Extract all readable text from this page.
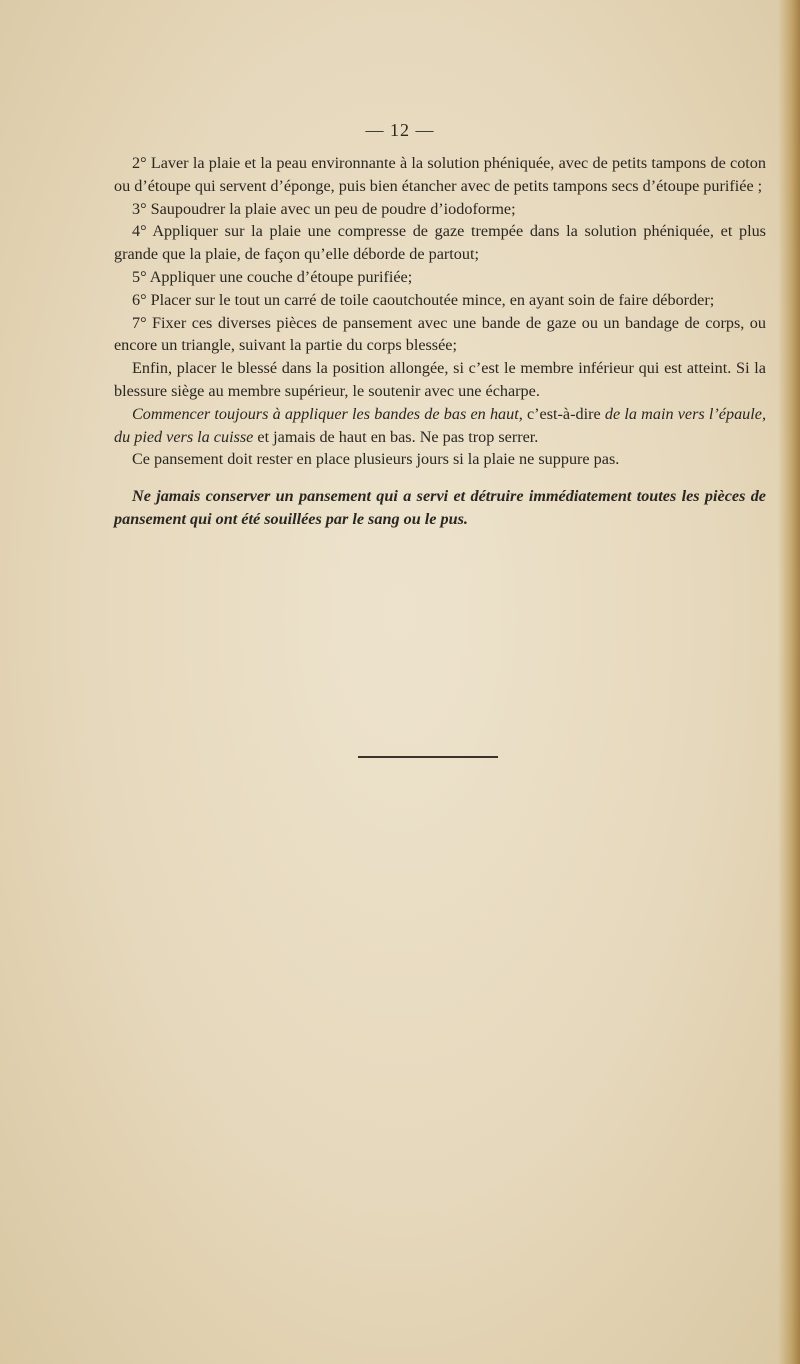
— 12 —

2° Laver la plaie et la peau environnante à la solution phéniquée, avec de petits tampons de coton ou d’étoupe qui servent d’éponge, puis bien étancher avec de petits tampons secs d’étoupe purifiée ;

3° Saupoudrer la plaie avec un peu de poudre d’iodoforme;

4° Appliquer sur la plaie une compresse de gaze trempée dans la solution phéniquée, et plus grande que la plaie, de façon qu’elle déborde de partout;

5° Appliquer une couche d’étoupe purifiée;

6° Placer sur le tout un carré de toile caoutchoutée mince, en ayant soin de faire déborder;

7° Fixer ces diverses pièces de pansement avec une bande de gaze ou un bandage de corps, ou encore un triangle, suivant la partie du corps blessée;

Enfin, placer le blessé dans la position allongée, si c’est le membre inférieur qui est atteint. Si la blessure siège au membre supérieur, le soutenir avec une écharpe.

Commencer toujours à appliquer les bandes de bas en haut, c’est-à-dire de la main vers l’épaule, du pied vers la cuisse et jamais de haut en bas. Ne pas trop serrer.

Ce pansement doit rester en place plusieurs jours si la plaie ne suppure pas.

Ne jamais conserver un pansement qui a servi et détruire immédiatement toutes les pièces de pansement qui ont été souillées par le sang ou le pus.
